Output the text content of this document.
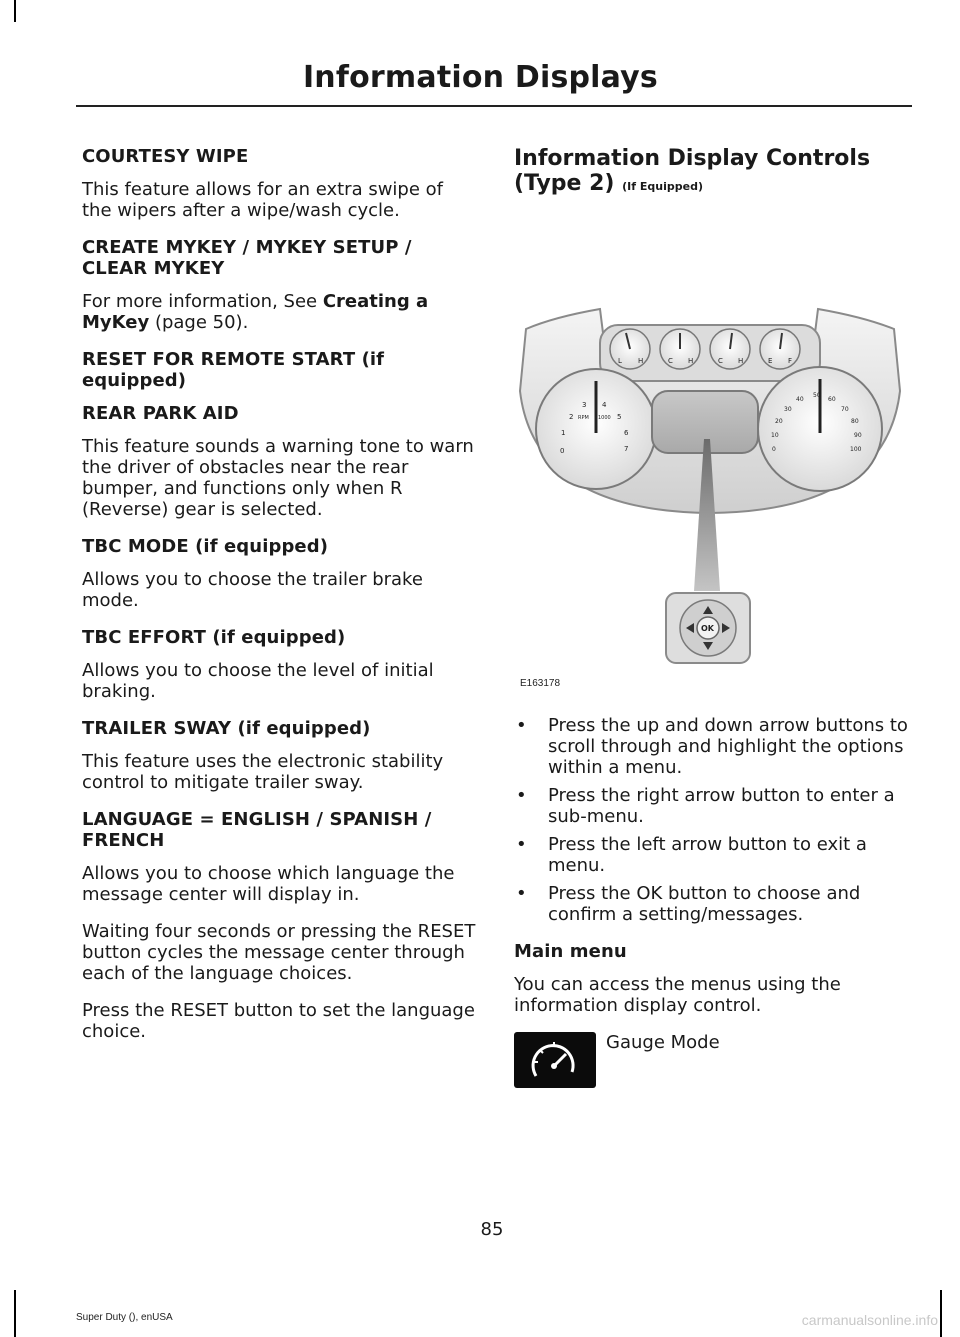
Information Displays
COURTESY WIPE
This feature allows for an extra swipe of the wipers after a wipe/wash cycle.
CREATE MYKEY / MYKEY SETUP / CLEAR MYKEY
For more information, See Creating a MyKey (page 50).
RESET FOR REMOTE START (if equipped)
REAR PARK AID
This feature sounds a warning tone to warn the driver of obstacles near the rear bumper, and functions only when R (Reverse) gear is selected.
TBC MODE (if equipped)
Allows you to choose the trailer brake mode.
TBC EFFORT (if equipped)
Allows you to choose the level of initial braking.
TRAILER SWAY (if equipped)
This feature uses the electronic stability control to mitigate trailer sway.
LANGUAGE = ENGLISH / SPANISH / FRENCH
Allows you to choose which language the message center will display in.
Waiting four seconds or pressing the RESET button cycles the message center through each of the language choices.
Press the RESET button to set the language choice.
Information Display Controls (Type 2) (If Equipped)
L H	C H	C H	E F
0
1
2
3 4
5
6
7
RPM 1000
0
10
20
30
40
50
60
70
80
90
100
OK
E163178
• Press the up and down arrow buttons to scroll through and highlight the options within a menu.
• Press the right arrow button to enter a sub-menu.
• Press the left arrow button to exit a menu.
• Press the OK button to choose and confirm a setting/messages.
Main menu
You can access the menus using the information display control.
Gauge Mode
85
Super Duty (), enUSA	carmanualsonline.info
